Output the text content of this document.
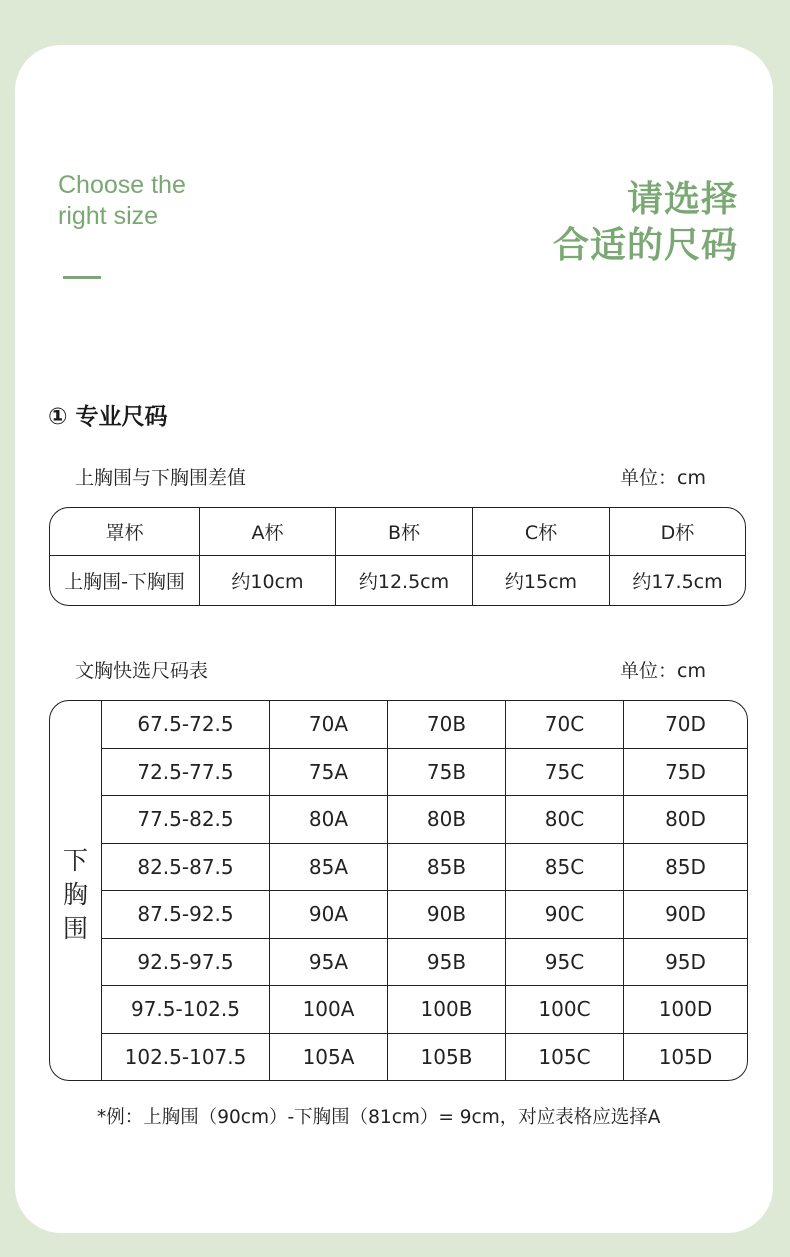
Choose the
right size	请选择
合适的尺码
① 专业尺码
上胸围与下胸围差值	单位：cm
罩杯	A杯	B杯	C杯	D杯
上胸围-下胸围	约10cm	约12.5cm	约15cm	约17.5cm
文胸快选尺码表	单位：cm
下
胸
围
67.5-72.5	70A	70B	70C	70D
72.5-77.5	75A	75B	75C	75D
77.5-82.5	80A	80B	80C	80D
82.5-87.5	85A	85B	85C	85D
87.5-92.5	90A	90B	90C	90D
92.5-97.5	95A	95B	95C	95D
97.5-102.5	100A	100B	100C	100D
102.5-107.5	105A	105B	105C	105D
*例：上胸围（90cm）-下胸围（81cm）= 9cm，对应表格应选择A
